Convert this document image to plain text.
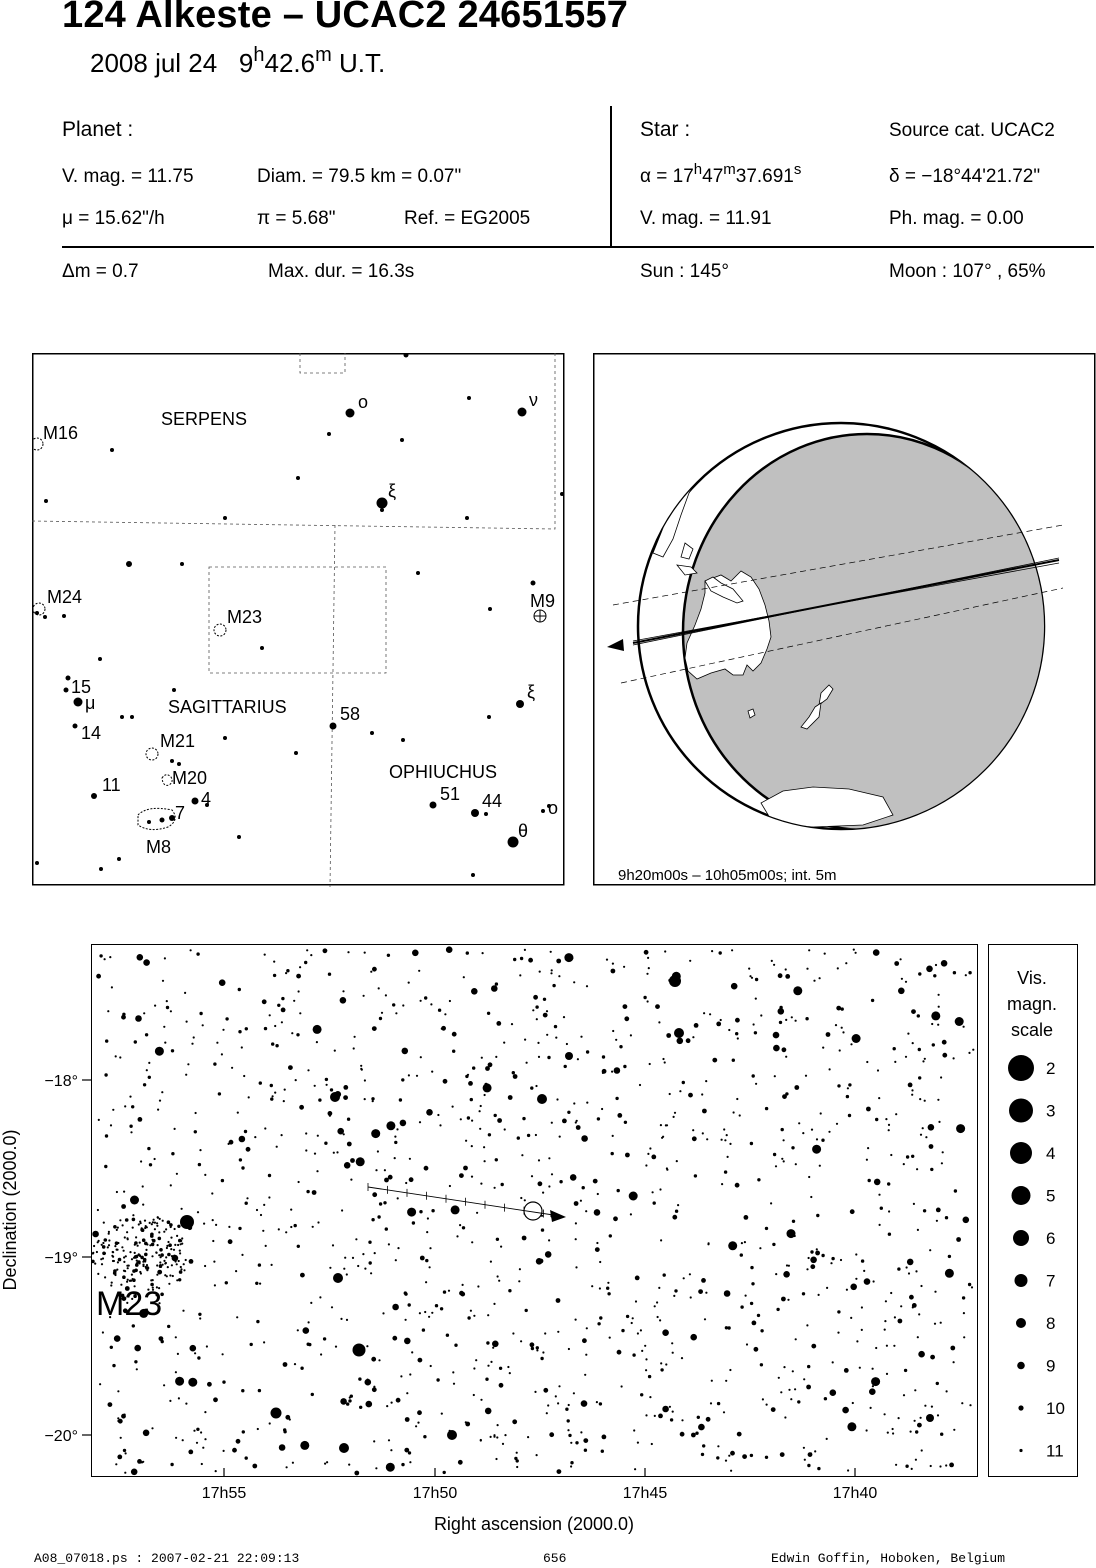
124 Alkeste – UCAC2 24651557
2008 jul 24 9$^h$42.6$^m$ U.T.
Planet :
V. mag. = 11.75	Diam. = 79.5 km = 0.07"
μ = 15.62"/h	π = 5.68"	Ref. = EG2005
Star :	Source cat. UCAC2
$\alpha = 17^h47^m37.691^s$	δ = −18°44'21.72"
V. mag. = 11.91	Ph. mag. = 0.00
Δm = 0.7	Max. dur. = 16.3s	Sun : 145°	Moon : 107° , 65%
SERPENS
SAGITTARIUS
OPHIUCHUS
M16
M24
M23
M9
M21
M20
M8
ο	ν
ξ
ξ
15
μ
14
11
7
4
58
51 44
θ
ο
9h20m00s – 10h05m00s; int. 5m
M23
17h55	17h50	17h45	17h40
Right ascension (2000.0)
−18°
−19°
−20°
Declination (2000.0)
Vis.
magn.
scale
2
3
4
5
6
7
8
9
10
11
A08_07018.ps : 2007-02-21 22:09:13	656	Edwin Goffin, Hoboken, Belgium
